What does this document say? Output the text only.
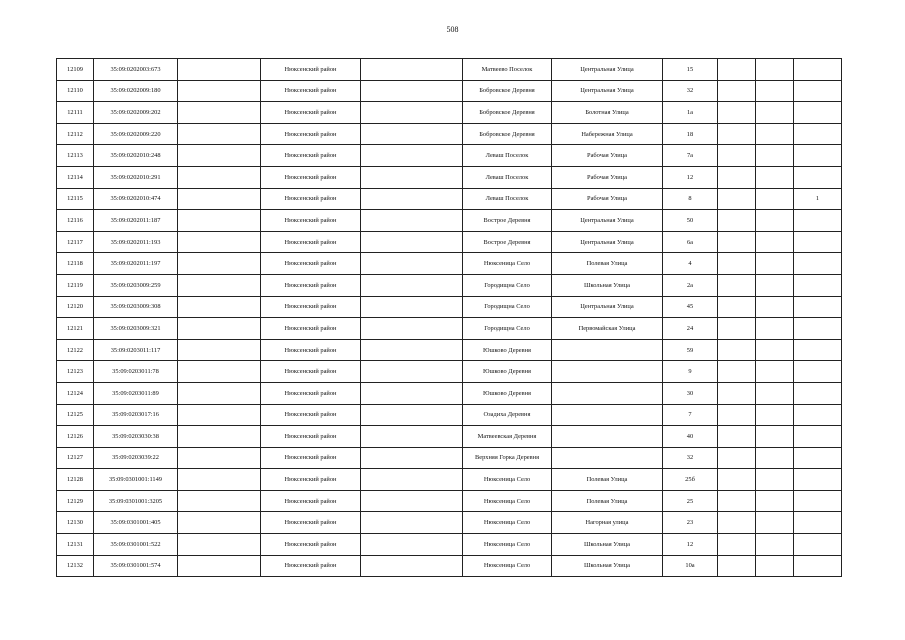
508
12109	35:09:0202003:673		Нюксенский район		Матвеево Поселок	Центральная Улица	15			
12110	35:09:0202009:180		Нюксенский район		Бобровское Деревня	Центральная Улица	32			
12111	35:09:0202009:202		Нюксенский район		Бобровское Деревня	Болотная Улица	1а			
12112	35:09:0202009:220		Нюксенский район		Бобровское Деревня	Набережная Улица	18			
12113	35:09:0202010:248		Нюксенский район		Леваш Поселок	Рабочая Улица	7а			
12114	35:09:0202010:291		Нюксенский район		Леваш Поселок	Рабочая Улица	12			
12115	35:09:0202010:474		Нюксенский район		Леваш Поселок	Рабочая Улица	8			1
12116	35:09:0202011:187		Нюксенский район		Вострое Деревня	Центральная Улица	50			
12117	35:09:0202011:193		Нюксенский район		Вострое Деревня	Центральная Улица	6а			
12118	35:09:0202011:197		Нюксенский район		Нюксеница Село	Полевая Улица	4			
12119	35:09:0203009:259		Нюксенский район		Городищна Село	Школьная Улица	2а			
12120	35:09:0203009:308		Нюксенский район		Городищна Село	Центральная Улица	45			
12121	35:09:0203009:321		Нюксенский район		Городищна Село	Первомайская Улица	24			
12122	35:09:0203011:117		Нюксенский район		Юшково Деревня		59			
12123	35:09:0203011:78		Нюксенский район		Юшково Деревня		9			
12124	35:09:0203011:89		Нюксенский район		Юшково Деревня		30			
12125	35:09:0203017:16		Нюксенский район		Озадиха Деревня		7			
12126	35:09:0203030:38		Нюксенский район		Матвеевская Деревня		40			
12127	35:09:0203039:22		Нюксенский район		Верхняя Горка Деревня		32			
12128	35:09:0301001:1149		Нюксенский район		Нюксеница Село	Полевая Улица	25б			
12129	35:09:0301001:3205		Нюксенский район		Нюксеница Село	Полевая Улица	25			
12130	35:09:0301001:405		Нюксенский район		Нюксеница Село	Нагорная улица	23			
12131	35:09:0301001:522		Нюксенский район		Нюксеница Село	Школьная Улица	12			
12132	35:09:0301001:574		Нюксенский район		Нюксеница Село	Школьная Улица	10а			
